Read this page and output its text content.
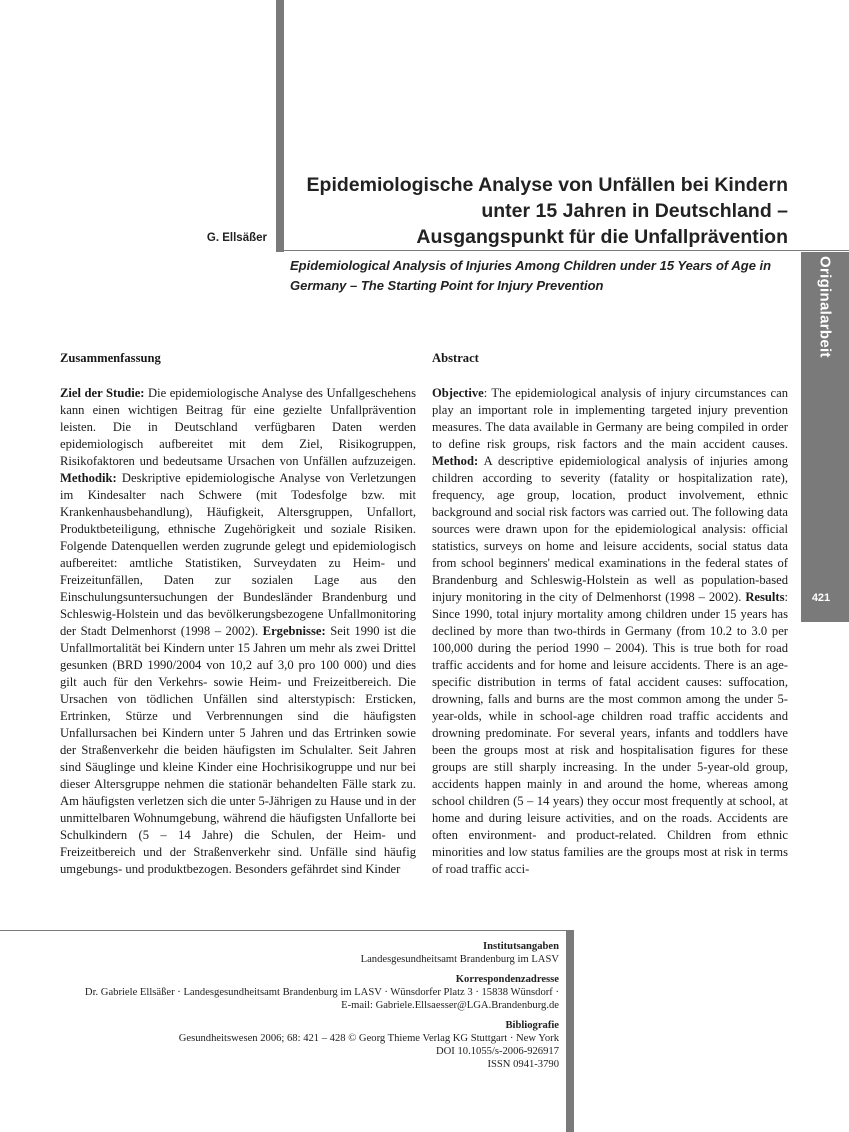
Originalarbeit
421
Epidemiologische Analyse von Unfällen bei Kindern
unter 15 Jahren in Deutschland –
Ausgangspunkt für die Unfallprävention
G. Ellsäßer
Epidemiological Analysis of Injuries Among Children under 15 Years of Age in
Germany – The Starting Point for Injury Prevention
Zusammenfassung

Ziel der Studie: Die epidemiologische Analyse des Unfallgeschehens kann einen wichtigen Beitrag für eine gezielte Unfallprävention leisten. Die in Deutschland verfügbaren Daten werden epidemiologisch aufbereitet mit dem Ziel, Risikogruppen, Risikofaktoren und bedeutsame Ursachen von Unfällen aufzuzeigen. Methodik: Deskriptive epidemiologische Analyse von Verletzungen im Kindesalter nach Schwere (mit Todesfolge bzw. mit Krankenhausbehandlung), Häufigkeit, Altersgruppen, Unfallort, Produktbeteiligung, ethnische Zugehörigkeit und soziale Risiken. Folgende Datenquellen werden zugrunde gelegt und epidemiologisch aufbereitet: amtliche Statistiken, Surveydaten zu Heim- und Freizeitunfällen, Daten zur sozialen Lage aus den Einschulungsuntersuchungen der Bundesländer Brandenburg und Schleswig-Holstein und das bevölkerungsbezogene Unfallmonitoring der Stadt Delmenhorst (1998 – 2002). Ergebnisse: Seit 1990 ist die Unfallmortalität bei Kindern unter 15 Jahren um mehr als zwei Drittel gesunken (BRD 1990/2004 von 10,2 auf 3,0 pro 100 000) und dies gilt auch für den Verkehrs- sowie Heim- und Freizeitbereich. Die Ursachen von tödlichen Unfällen sind alterstypisch: Ersticken, Ertrinken, Stürze und Verbrennungen sind die häufigsten Unfallursachen bei Kindern unter 5 Jahren und das Ertrinken sowie der Straßenverkehr die beiden häufigsten im Schulalter. Seit Jahren sind Säuglinge und kleine Kinder eine Hochrisikogruppe und nur bei dieser Altersgruppe nehmen die stationär behandelten Fälle stark zu. Am häufigsten verletzen sich die unter 5-Jährigen zu Hause und in der unmittelbaren Wohnumgebung, während die häufigsten Unfallorte bei Schulkindern (5 – 14 Jahre) die Schulen, der Heim- und Freizeitbereich und der Straßenverkehr sind. Unfälle sind häufig umgebungs- und produktbezogen. Besonders gefährdet sind Kinder

Abstract

Objective: The epidemiological analysis of injury circumstances can play an important role in implementing targeted injury prevention measures. The data available in Germany are being compiled in order to define risk groups, risk factors and the main accident causes. Method: A descriptive epidemiological analysis of injuries among children according to severity (fatality or hospitalization rate), frequency, age group, location, product involvement, ethnic background and social risk factors was carried out. The following data sources were drawn upon for the epidemiological analysis: official statistics, surveys on home and leisure accidents, social status data from school beginners' medical examinations in the federal states of Brandenburg and Schleswig-Holstein as well as population-based injury monitoring in the city of Delmenhorst (1998 – 2002). Results: Since 1990, total injury mortality among children under 15 years has declined by more than two-thirds in Germany (from 10.2 to 3.0 per 100,000 during the period 1990 – 2004). This is true both for road traffic accidents and for home and leisure accidents. There is an age-specific distribution in terms of fatal accident causes: suffocation, drowning, falls and burns are the most common among the under 5-year-olds, while in school-age children road traffic accidents and drowning predominate. For several years, infants and toddlers have been the groups most at risk and hospitalisation figures for these groups are still sharply increasing. In the under 5-year-old group, accidents happen mainly in and around the home, whereas among school children (5 – 14 years) they occur most frequently at school, at home and during leisure activities, and on the roads. Accidents are often environment- and product-related. Children from ethnic minorities and low status families are the groups most at risk in terms of road traffic acci-

Institutsangaben
Landesgesundheitsamt Brandenburg im LASV
Korrespondenzadresse
Dr. Gabriele Ellsäßer · Landesgesundheitsamt Brandenburg im LASV · Wünsdorfer Platz 3 · 15838 Wünsdorf ·
E-mail: Gabriele.Ellsaesser@LGA.Brandenburg.de
Bibliografie
Gesundheitswesen 2006; 68: 421 – 428 © Georg Thieme Verlag KG Stuttgart · New York
DOI 10.1055/s-2006-926917
ISSN 0941-3790
